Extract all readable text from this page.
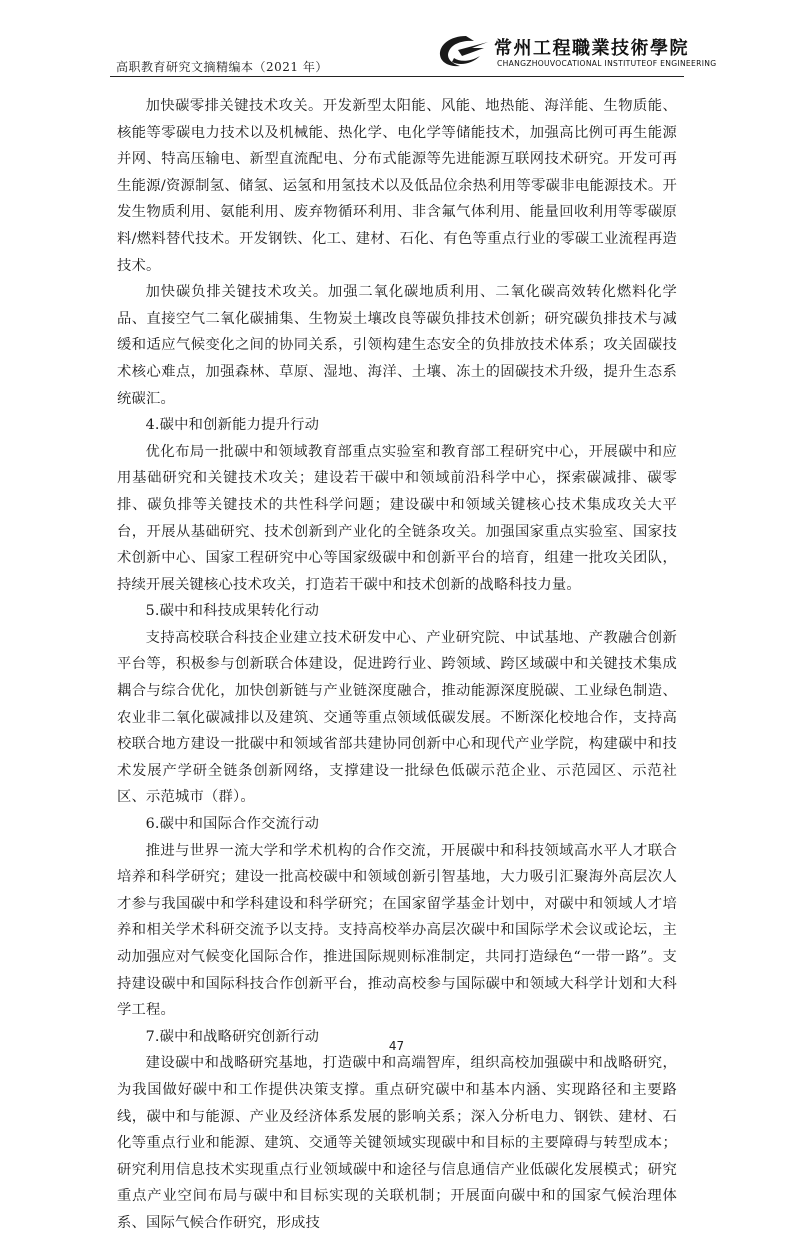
高职教育研究文摘精编本（2021 年）
常州工程職業技術學院
CHANGZHOUVOCATIONAL INSTITUTEOF ENGINEERING

加快碳零排关键技术攻关。开发新型太阳能、风能、地热能、海洋能、生物质能、核能等零碳电力技术以及机械能、热化学、电化学等储能技术，加强高比例可再生能源并网、特高压输电、新型直流配电、分布式能源等先进能源互联网技术研究。开发可再生能源/资源制氢、储氢、运氢和用氢技术以及低品位余热利用等零碳非电能源技术。开发生物质利用、氨能利用、废弃物循环利用、非含氟气体利用、能量回收利用等零碳原料/燃料替代技术。开发钢铁、化工、建材、石化、有色等重点行业的零碳工业流程再造技术。

加快碳负排关键技术攻关。加强二氧化碳地质利用、二氧化碳高效转化燃料化学品、直接空气二氧化碳捕集、生物炭土壤改良等碳负排技术创新；研究碳负排技术与减缓和适应气候变化之间的协同关系，引领构建生态安全的负排放技术体系；攻关固碳技术核心难点，加强森林、草原、湿地、海洋、土壤、冻土的固碳技术升级，提升生态系统碳汇。

4.碳中和创新能力提升行动

优化布局一批碳中和领域教育部重点实验室和教育部工程研究中心，开展碳中和应用基础研究和关键技术攻关；建设若干碳中和领域前沿科学中心，探索碳减排、碳零排、碳负排等关键技术的共性科学问题；建设碳中和领域关键核心技术集成攻关大平台，开展从基础研究、技术创新到产业化的全链条攻关。加强国家重点实验室、国家技术创新中心、国家工程研究中心等国家级碳中和创新平台的培育，组建一批攻关团队，持续开展关键核心技术攻关，打造若干碳中和技术创新的战略科技力量。

5.碳中和科技成果转化行动

支持高校联合科技企业建立技术研发中心、产业研究院、中试基地、产教融合创新平台等，积极参与创新联合体建设，促进跨行业、跨领域、跨区域碳中和关键技术集成耦合与综合优化，加快创新链与产业链深度融合，推动能源深度脱碳、工业绿色制造、农业非二氧化碳减排以及建筑、交通等重点领域低碳发展。不断深化校地合作，支持高校联合地方建设一批碳中和领域省部共建协同创新中心和现代产业学院，构建碳中和技术发展产学研全链条创新网络，支撑建设一批绿色低碳示范企业、示范园区、示范社区、示范城市（群）。

6.碳中和国际合作交流行动

推进与世界一流大学和学术机构的合作交流，开展碳中和科技领域高水平人才联合培养和科学研究；建设一批高校碳中和领域创新引智基地，大力吸引汇聚海外高层次人才参与我国碳中和学科建设和科学研究；在国家留学基金计划中，对碳中和领域人才培养和相关学术科研交流予以支持。支持高校举办高层次碳中和国际学术会议或论坛，主动加强应对气候变化国际合作，推进国际规则标准制定，共同打造绿色“一带一路”。支持建设碳中和国际科技合作创新平台，推动高校参与国际碳中和领域大科学计划和大科学工程。

7.碳中和战略研究创新行动

建设碳中和战略研究基地，打造碳中和高端智库，组织高校加强碳中和战略研究，为我国做好碳中和工作提供决策支撑。重点研究碳中和基本内涵、实现路径和主要路线，碳中和与能源、产业及经济体系发展的影响关系；深入分析电力、钢铁、建材、石化等重点行业和能源、建筑、交通等关键领域实现碳中和目标的主要障碍与转型成本；研究利用信息技术实现重点行业领域碳中和途径与信息通信产业低碳化发展模式；研究重点产业空间布局与碳中和目标实现的关联机制；开展面向碳中和的国家气候治理体系、国际气候合作研究，形成技

47
